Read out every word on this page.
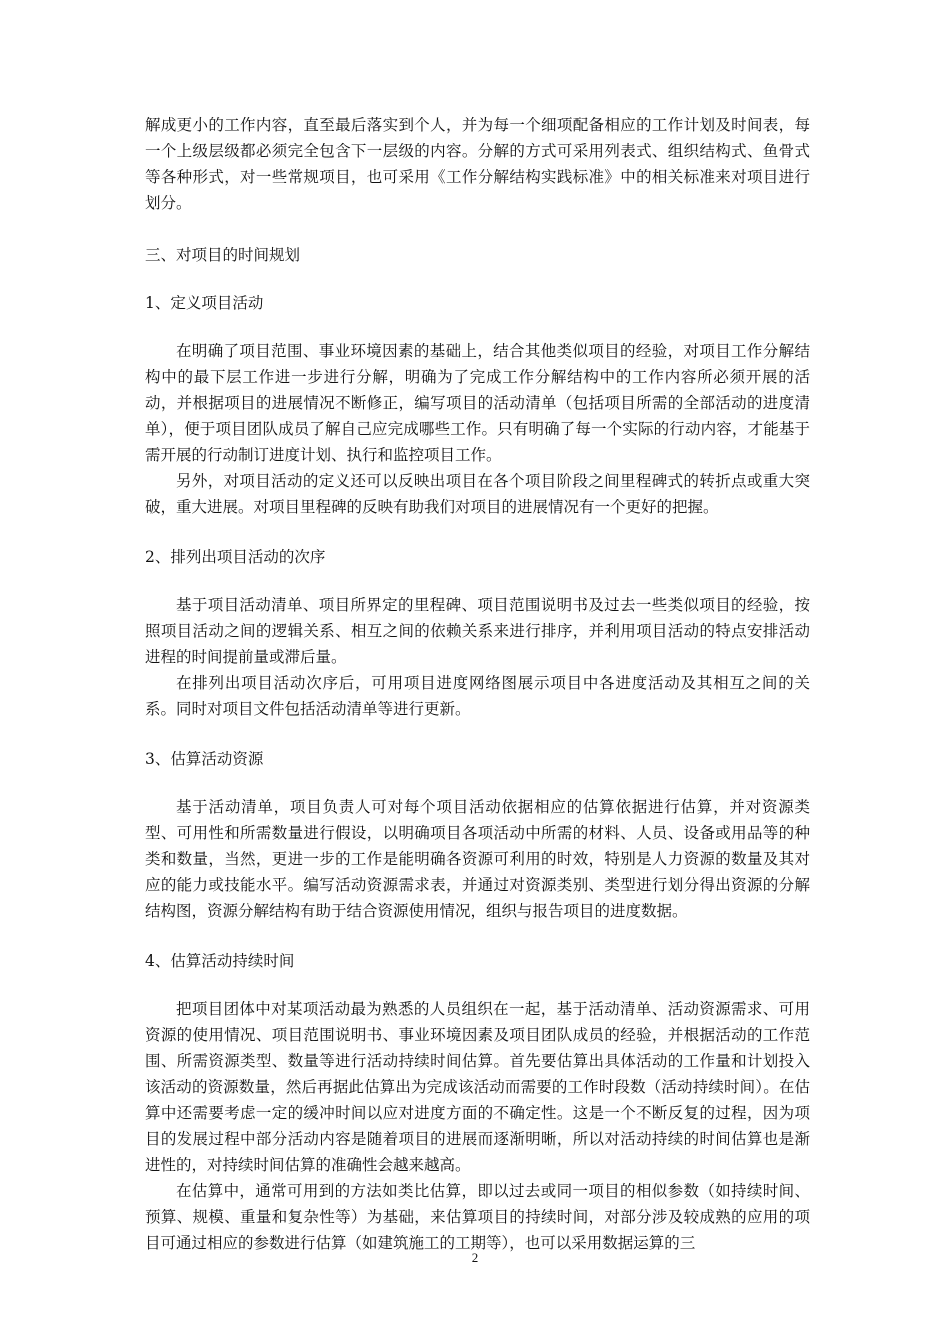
解成更小的工作内容，直至最后落实到个人，并为每一个细项配备相应的工作计划及时间表，每一个上级层级都必须完全包含下一层级的内容。分解的方式可采用列表式、组织结构式、鱼骨式等各种形式，对一些常规项目，也可采用《工作分解结构实践标准》中的相关标准来对项目进行划分。

三、对项目的时间规划
1、定义项目活动

在明确了项目范围、事业环境因素的基础上，结合其他类似项目的经验，对项目工作分解结构中的最下层工作进一步进行分解，明确为了完成工作分解结构中的工作内容所必须开展的活动，并根据项目的进展情况不断修正，编写项目的活动清单（包括项目所需的全部活动的进度清单），便于项目团队成员了解自己应完成哪些工作。只有明确了每一个实际的行动内容，才能基于需开展的行动制订进度计划、执行和监控项目工作。

另外，对项目活动的定义还可以反映出项目在各个项目阶段之间里程碑式的转折点或重大突破，重大进展。对项目里程碑的反映有助我们对项目的进展情况有一个更好的把握。

2、排列出项目活动的次序

基于项目活动清单、项目所界定的里程碑、项目范围说明书及过去一些类似项目的经验，按照项目活动之间的逻辑关系、相互之间的依赖关系来进行排序，并利用项目活动的特点安排活动进程的时间提前量或滞后量。

在排列出项目活动次序后，可用项目进度网络图展示项目中各进度活动及其相互之间的关系。同时对项目文件包括活动清单等进行更新。

3、估算活动资源

基于活动清单，项目负责人可对每个项目活动依据相应的估算依据进行估算，并对资源类型、可用性和所需数量进行假设，以明确项目各项活动中所需的材料、人员、设备或用品等的种类和数量，当然，更进一步的工作是能明确各资源可利用的时效，特别是人力资源的数量及其对应的能力或技能水平。编写活动资源需求表，并通过对资源类别、类型进行划分得出资源的分解结构图，资源分解结构有助于结合资源使用情况，组织与报告项目的进度数据。

4、估算活动持续时间

把项目团体中对某项活动最为熟悉的人员组织在一起，基于活动清单、活动资源需求、可用资源的使用情况、项目范围说明书、事业环境因素及项目团队成员的经验，并根据活动的工作范围、所需资源类型、数量等进行活动持续时间估算。首先要估算出具体活动的工作量和计划投入该活动的资源数量，然后再据此估算出为完成该活动而需要的工作时段数（活动持续时间）。在估算中还需要考虑一定的缓冲时间以应对进度方面的不确定性。这是一个不断反复的过程，因为项目的发展过程中部分活动内容是随着项目的进展而逐渐明晰，所以对活动持续的时间估算也是渐进性的，对持续时间估算的准确性会越来越高。

在估算中，通常可用到的方法如类比估算，即以过去或同一项目的相似参数（如持续时间、预算、规模、重量和复杂性等）为基础，来估算项目的持续时间，对部分涉及较成熟的应用的项目可通过相应的参数进行估算（如建筑施工的工期等），也可以采用数据运算的三

2
